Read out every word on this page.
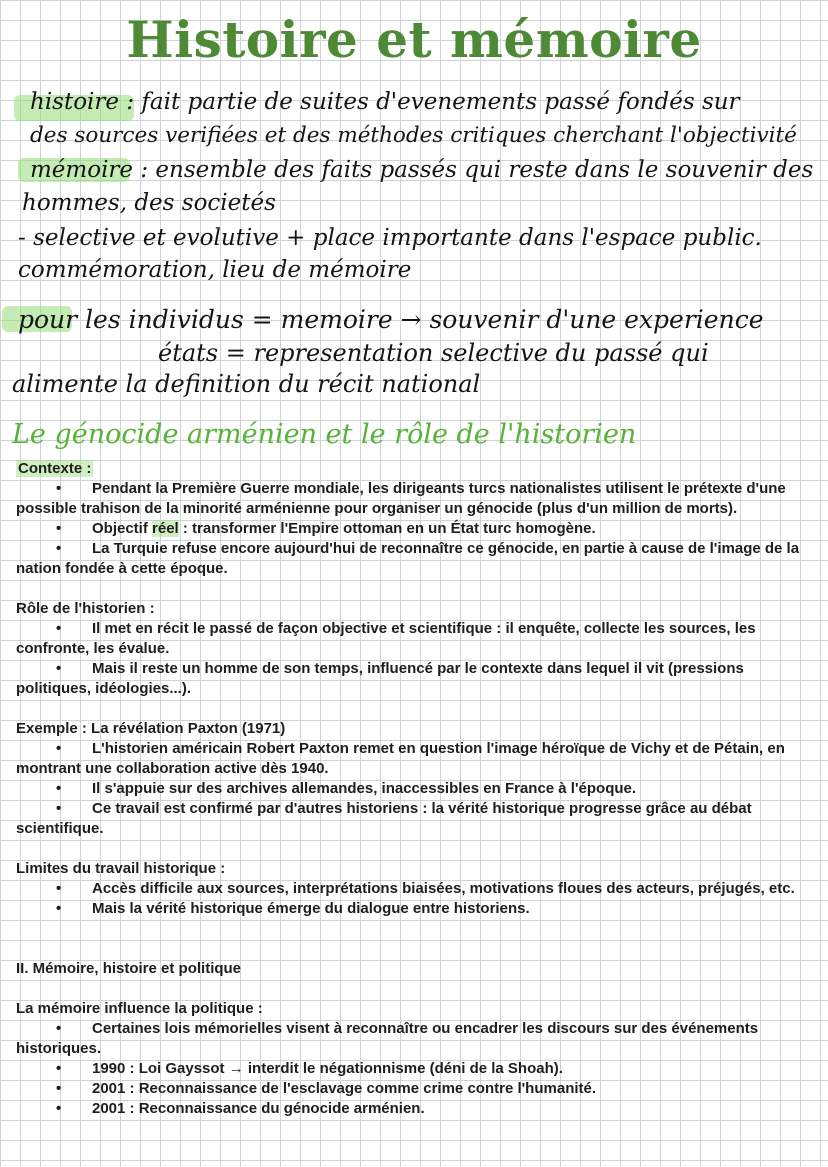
Histoire et mémoire
histoire : fait partie de suites d'evenements passé fondés sur
des sources verifiées et des méthodes critiques cherchant l'objectivité
mémoire : ensemble des faits passés qui reste dans le souvenir des
hommes, des societés
- selective et evolutive + place importante dans l'espace public.
commémoration, lieu de mémoire
pour les individus = memoire → souvenir d'une experience
états = representation selective du passé qui
alimente la definition du récit national
Le génocide arménien et le rôle de l'historien

Contexte :

• Pendant la Première Guerre mondiale, les dirigeants turcs nationalistes utilisent le prétexte d'une possible trahison de la minorité arménienne pour organiser un génocide (plus d'un million de morts).

• Objectif réel : transformer l'Empire ottoman en un État turc homogène.

• La Turquie refuse encore aujourd'hui de reconnaître ce génocide, en partie à cause de l'image de la nation fondée à cette époque.

Rôle de l'historien :

• Il met en récit le passé de façon objective et scientifique : il enquête, collecte les sources, les confronte, les évalue.

• Mais il reste un homme de son temps, influencé par le contexte dans lequel il vit (pressions politiques, idéologies...).

Exemple : La révélation Paxton (1971)

• L'historien américain Robert Paxton remet en question l'image héroïque de Vichy et de Pétain, en montrant une collaboration active dès 1940.

• Il s'appuie sur des archives allemandes, inaccessibles en France à l'époque.

• Ce travail est confirmé par d'autres historiens : la vérité historique progresse grâce au débat scientifique.

Limites du travail historique :

• Accès difficile aux sources, interprétations biaisées, motivations floues des acteurs, préjugés, etc.

• Mais la vérité historique émerge du dialogue entre historiens.

II. Mémoire, histoire et politique

La mémoire influence la politique :

• Certaines lois mémorielles visent à reconnaître ou encadrer les discours sur des événements historiques.

• 1990 : Loi Gayssot → interdit le négationnisme (déni de la Shoah).

• 2001 : Reconnaissance de l'esclavage comme crime contre l'humanité.

• 2001 : Reconnaissance du génocide arménien.
